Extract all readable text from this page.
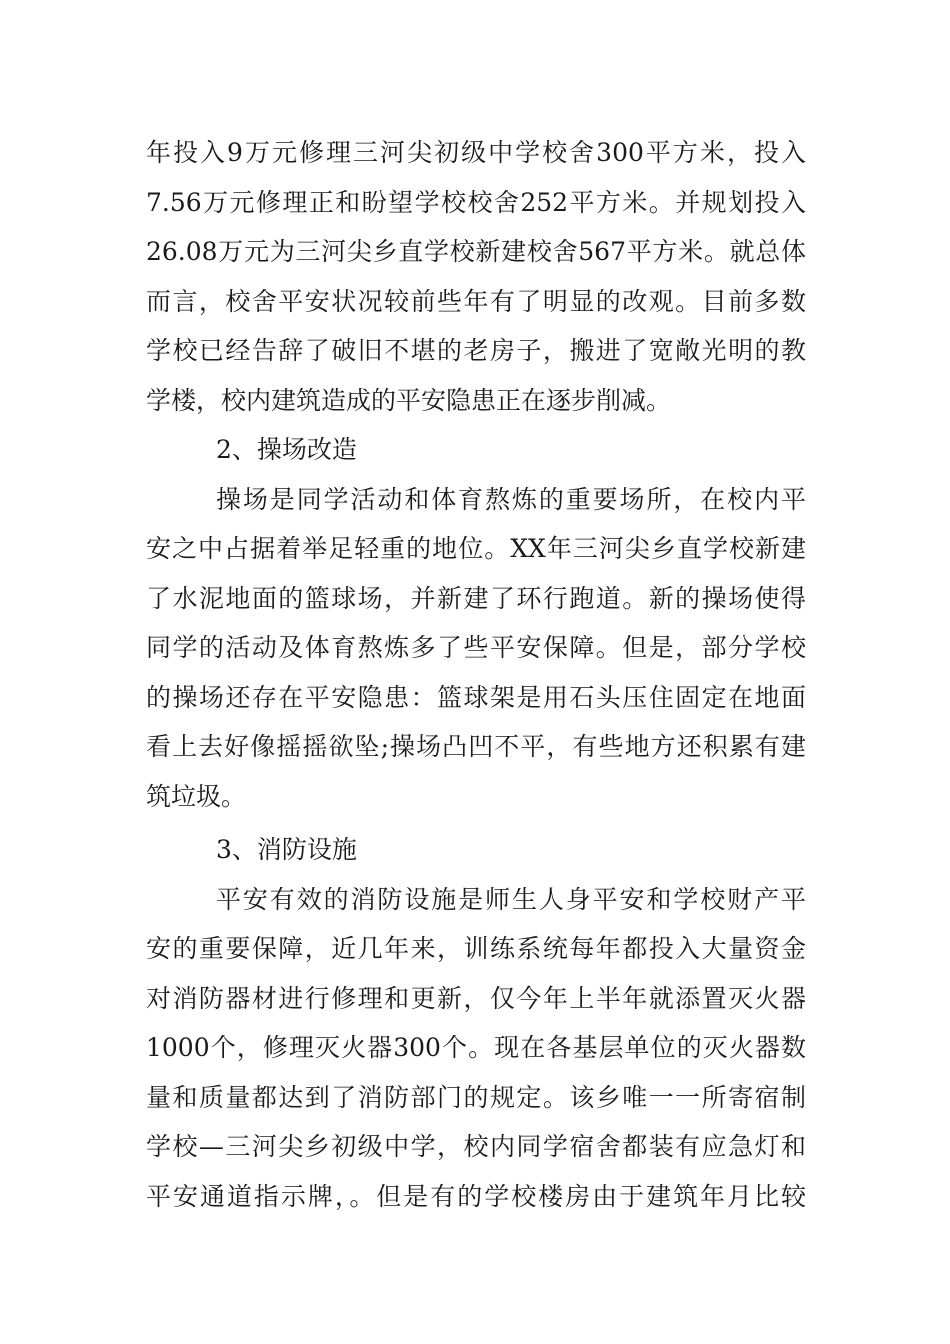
年投入9万元修理三河尖初级中学校舍300平方米，投入
7.56万元修理正和盼望学校校舍252平方米。并规划投入
26.08万元为三河尖乡直学校新建校舍567平方米。就总体
而言，校舍平安状况较前些年有了明显的改观。目前多数
学校已经告辞了破旧不堪的老房子，搬进了宽敞光明的教
学楼，校内建筑造成的平安隐患正在逐步削减。
2、操场改造
操场是同学活动和体育熬炼的重要场所，在校内平
安之中占据着举足轻重的地位。XX年三河尖乡直学校新建
了水泥地面的篮球场，并新建了环行跑道。新的操场使得
同学的活动及体育熬炼多了些平安保障。但是，部分学校
的操场还存在平安隐患：篮球架是用石头压住固定在地面
看上去好像摇摇欲坠;操场凸凹不平，有些地方还积累有建
筑垃圾。
3、消防设施
平安有效的消防设施是师生人身平安和学校财产平
安的重要保障，近几年来，训练系统每年都投入大量资金
对消防器材进行修理和更新，仅今年上半年就添置灭火器
1000个，修理灭火器300个。现在各基层单位的灭火器数
量和质量都达到了消防部门的规定。该乡唯一一所寄宿制
学校—三河尖乡初级中学，校内同学宿舍都装有应急灯和
平安通道指示牌，。但是有的学校楼房由于建筑年月比较
